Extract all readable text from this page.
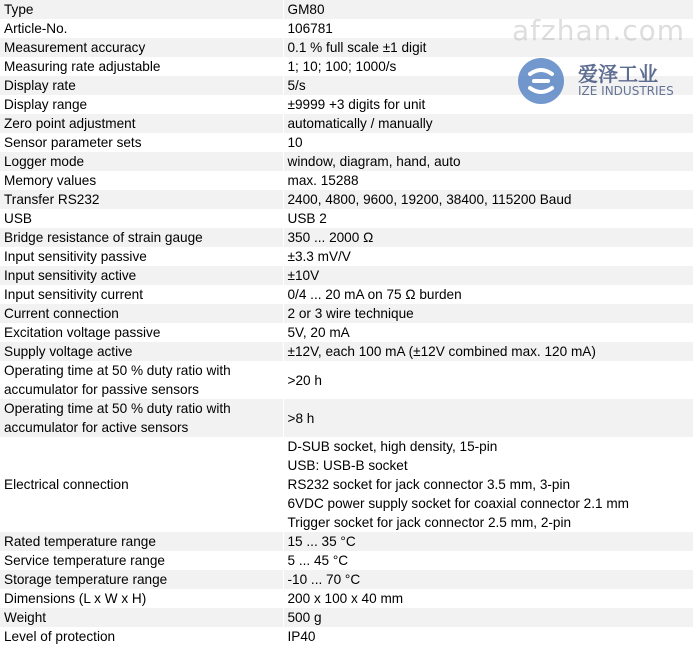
Type	GM80
Article-No.	106781
Measurement accuracy	0.1 % full scale ±1 digit
Measuring rate adjustable	1; 10; 100; 1000/s
Display rate	5/s
Display range	±9999 +3 digits for unit
Zero point adjustment	automatically / manually
Sensor parameter sets	10
Logger mode	window, diagram, hand, auto
Memory values	max. 15288
Transfer RS232	2400, 4800, 9600, 19200, 38400, 115200 Baud
USB	USB 2
Bridge resistance of strain gauge	350 ... 2000 Ω
Input sensitivity passive	±3.3 mV/V
Input sensitivity active	±10V
Input sensitivity current	0/4 ... 20 mA on 75 Ω burden
Current connection	2 or 3 wire technique
Excitation voltage passive	5V, 20 mA
Supply voltage active	±12V, each 100 mA (±12V combined max. 120 mA)
Operating time at 50 % duty ratio with
accumulator for passive sensors	>20 h
Operating time at 50 % duty ratio with
accumulator for active sensors	>8 h
Electrical connection	D-SUB socket, high density, 15-pin
USB: USB-B socket
RS232 socket for jack connector 3.5 mm, 3-pin
6VDC power supply socket for coaxial connector 2.1 mm
Trigger socket for jack connector 2.5 mm, 2-pin
Rated temperature range	15 ... 35 °C
Service temperature range	5 ... 45 °C
Storage temperature range	-10 ... 70 °C
Dimensions (L x W x H)	200 x 100 x 40 mm
Weight	500 g
Level of protection	IP40
afzhan.com
爱泽工业
IZE INDUSTRIES
